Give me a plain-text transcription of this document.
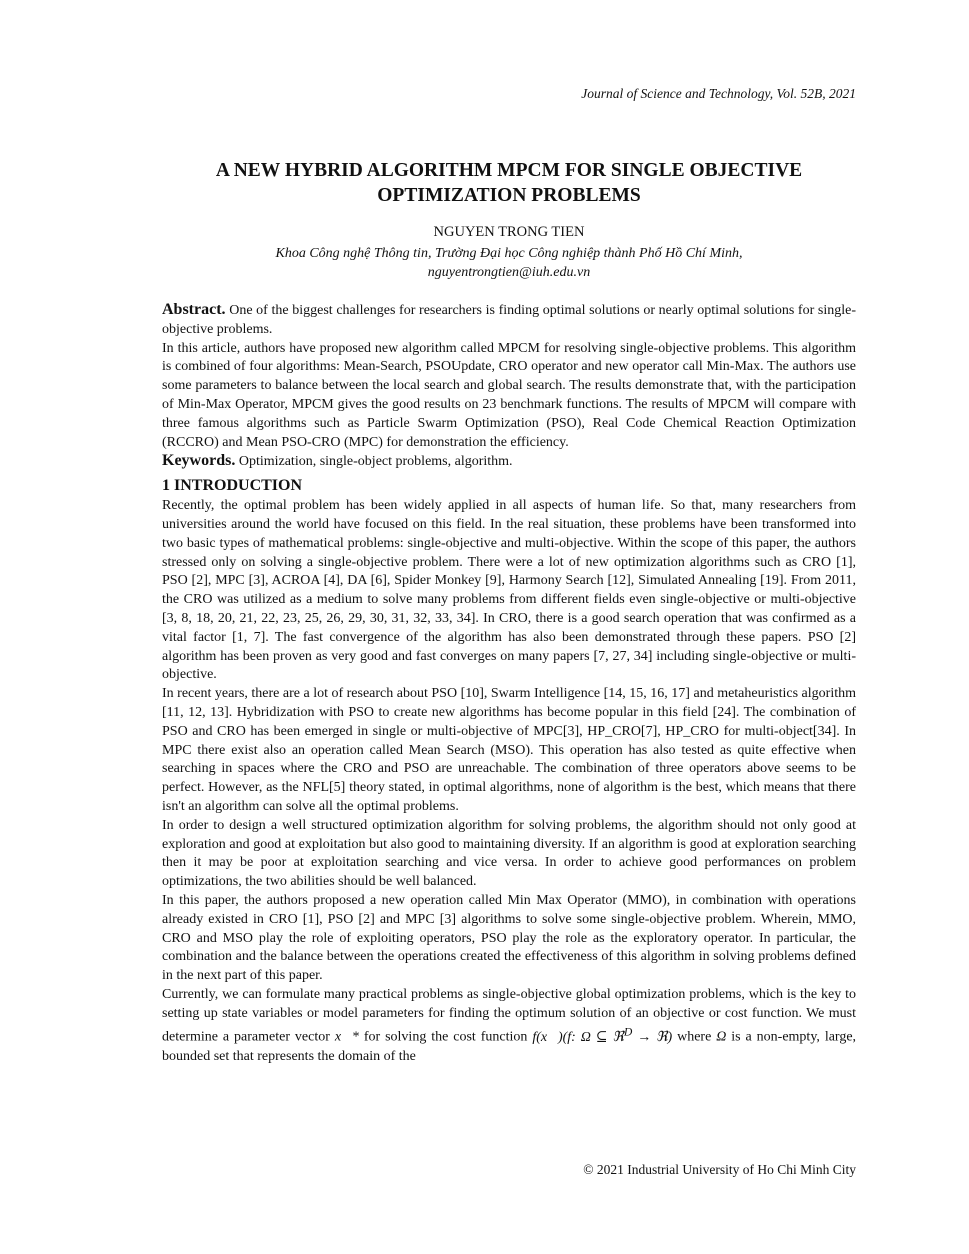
Journal of Science and Technology, Vol. 52B, 2021
A NEW HYBRID ALGORITHM MPCM FOR SINGLE OBJECTIVE
OPTIMIZATION PROBLEMS
NGUYEN TRONG TIEN
Khoa Công nghệ Thông tin, Trường Đại học Công nghiệp thành Phố Hồ Chí Minh,
nguyentrongtien@iuh.edu.vn

Abstract. One of the biggest challenges for researchers is finding optimal solutions or nearly optimal solutions for single-objective problems.

In this article, authors have proposed new algorithm called MPCM for resolving single-objective problems. This algorithm is combined of four algorithms: Mean-Search, PSOUpdate, CRO operator and new operator call Min-Max. The authors use some parameters to balance between the local search and global search. The results demonstrate that, with the participation of Min-Max Operator, MPCM gives the good results on 23 benchmark functions. The results of MPCM will compare with three famous algorithms such as Particle Swarm Optimization (PSO), Real Code Chemical Reaction Optimization (RCCRO) and Mean PSO-CRO (MPC) for demonstration the efficiency.

Keywords. Optimization, single-object problems, algorithm.

1 INTRODUCTION

Recently, the optimal problem has been widely applied in all aspects of human life. So that, many researchers from universities around the world have focused on this field. In the real situation, these problems have been transformed into two basic types of mathematical problems: single-objective and multi-objective. Within the scope of this paper, the authors stressed only on solving a single-objective problem. There were a lot of new optimization algorithms such as CRO [1], PSO [2], MPC [3], ACROA [4], DA [6], Spider Monkey [9], Harmony Search [12], Simulated Annealing [19]. From 2011, the CRO was utilized as a medium to solve many problems from different fields even single-objective or multi-objective [3, 8, 18, 20, 21, 22, 23, 25, 26, 29, 30, 31, 32, 33, 34]. In CRO, there is a good search operation that was confirmed as a vital factor [1, 7]. The fast convergence of the algorithm has also been demonstrated through these papers. PSO [2] algorithm has been proven as very good and fast converges on many papers [7, 27, 34] including single-objective or multi-objective.

In recent years, there are a lot of research about PSO [10], Swarm Intelligence [14, 15, 16, 17] and metaheuristics algorithm [11, 12, 13]. Hybridization with PSO to create new algorithms has become popular in this field [24]. The combination of PSO and CRO has been emerged in single or multi-objective of MPC[3], HP_CRO[7], HP_CRO for multi-object[34]. In MPC there exist also an operation called Mean Search (MSO). This operation has also tested as quite effective when searching in spaces where the CRO and PSO are unreachable. The combination of three operators above seems to be perfect. However, as the NFL[5] theory stated, in optimal algorithms, none of algorithm is the best, which means that there isn't an algorithm can solve all the optimal problems.

In order to design a well structured optimization algorithm for solving problems, the algorithm should not only good at exploration and good at exploitation but also good to maintaining diversity. If an algorithm is good at exploration searching then it may be poor at exploitation searching and vice versa. In order to achieve good performances on problem optimizations, the two abilities should be well balanced.

In this paper, the authors proposed a new operation called Min Max Operator (MMO), in combination with operations already existed in CRO [1], PSO [2] and MPC [3] algorithms to solve some single-objective problem. Wherein, MMO, CRO and MSO play the role of exploiting operators, PSO play the role as the exploratory operator. In particular, the combination and the balance between the operations created the effectiveness of this algorithm in solving problems defined in the next part of this paper.

Currently, we can formulate many practical problems as single-objective global optimization problems, which is the key to setting up state variables or model parameters for finding the optimum solution of an objective or cost function. We must determine a parameter vector x⃗* for solving the cost function f(x⃗)(f: Ω ⊆ ℜ$^D$ → ℜ) where Ω is a non-empty, large, bounded set that represents the domain of the

© 2021 Industrial University of Ho Chi Minh City
